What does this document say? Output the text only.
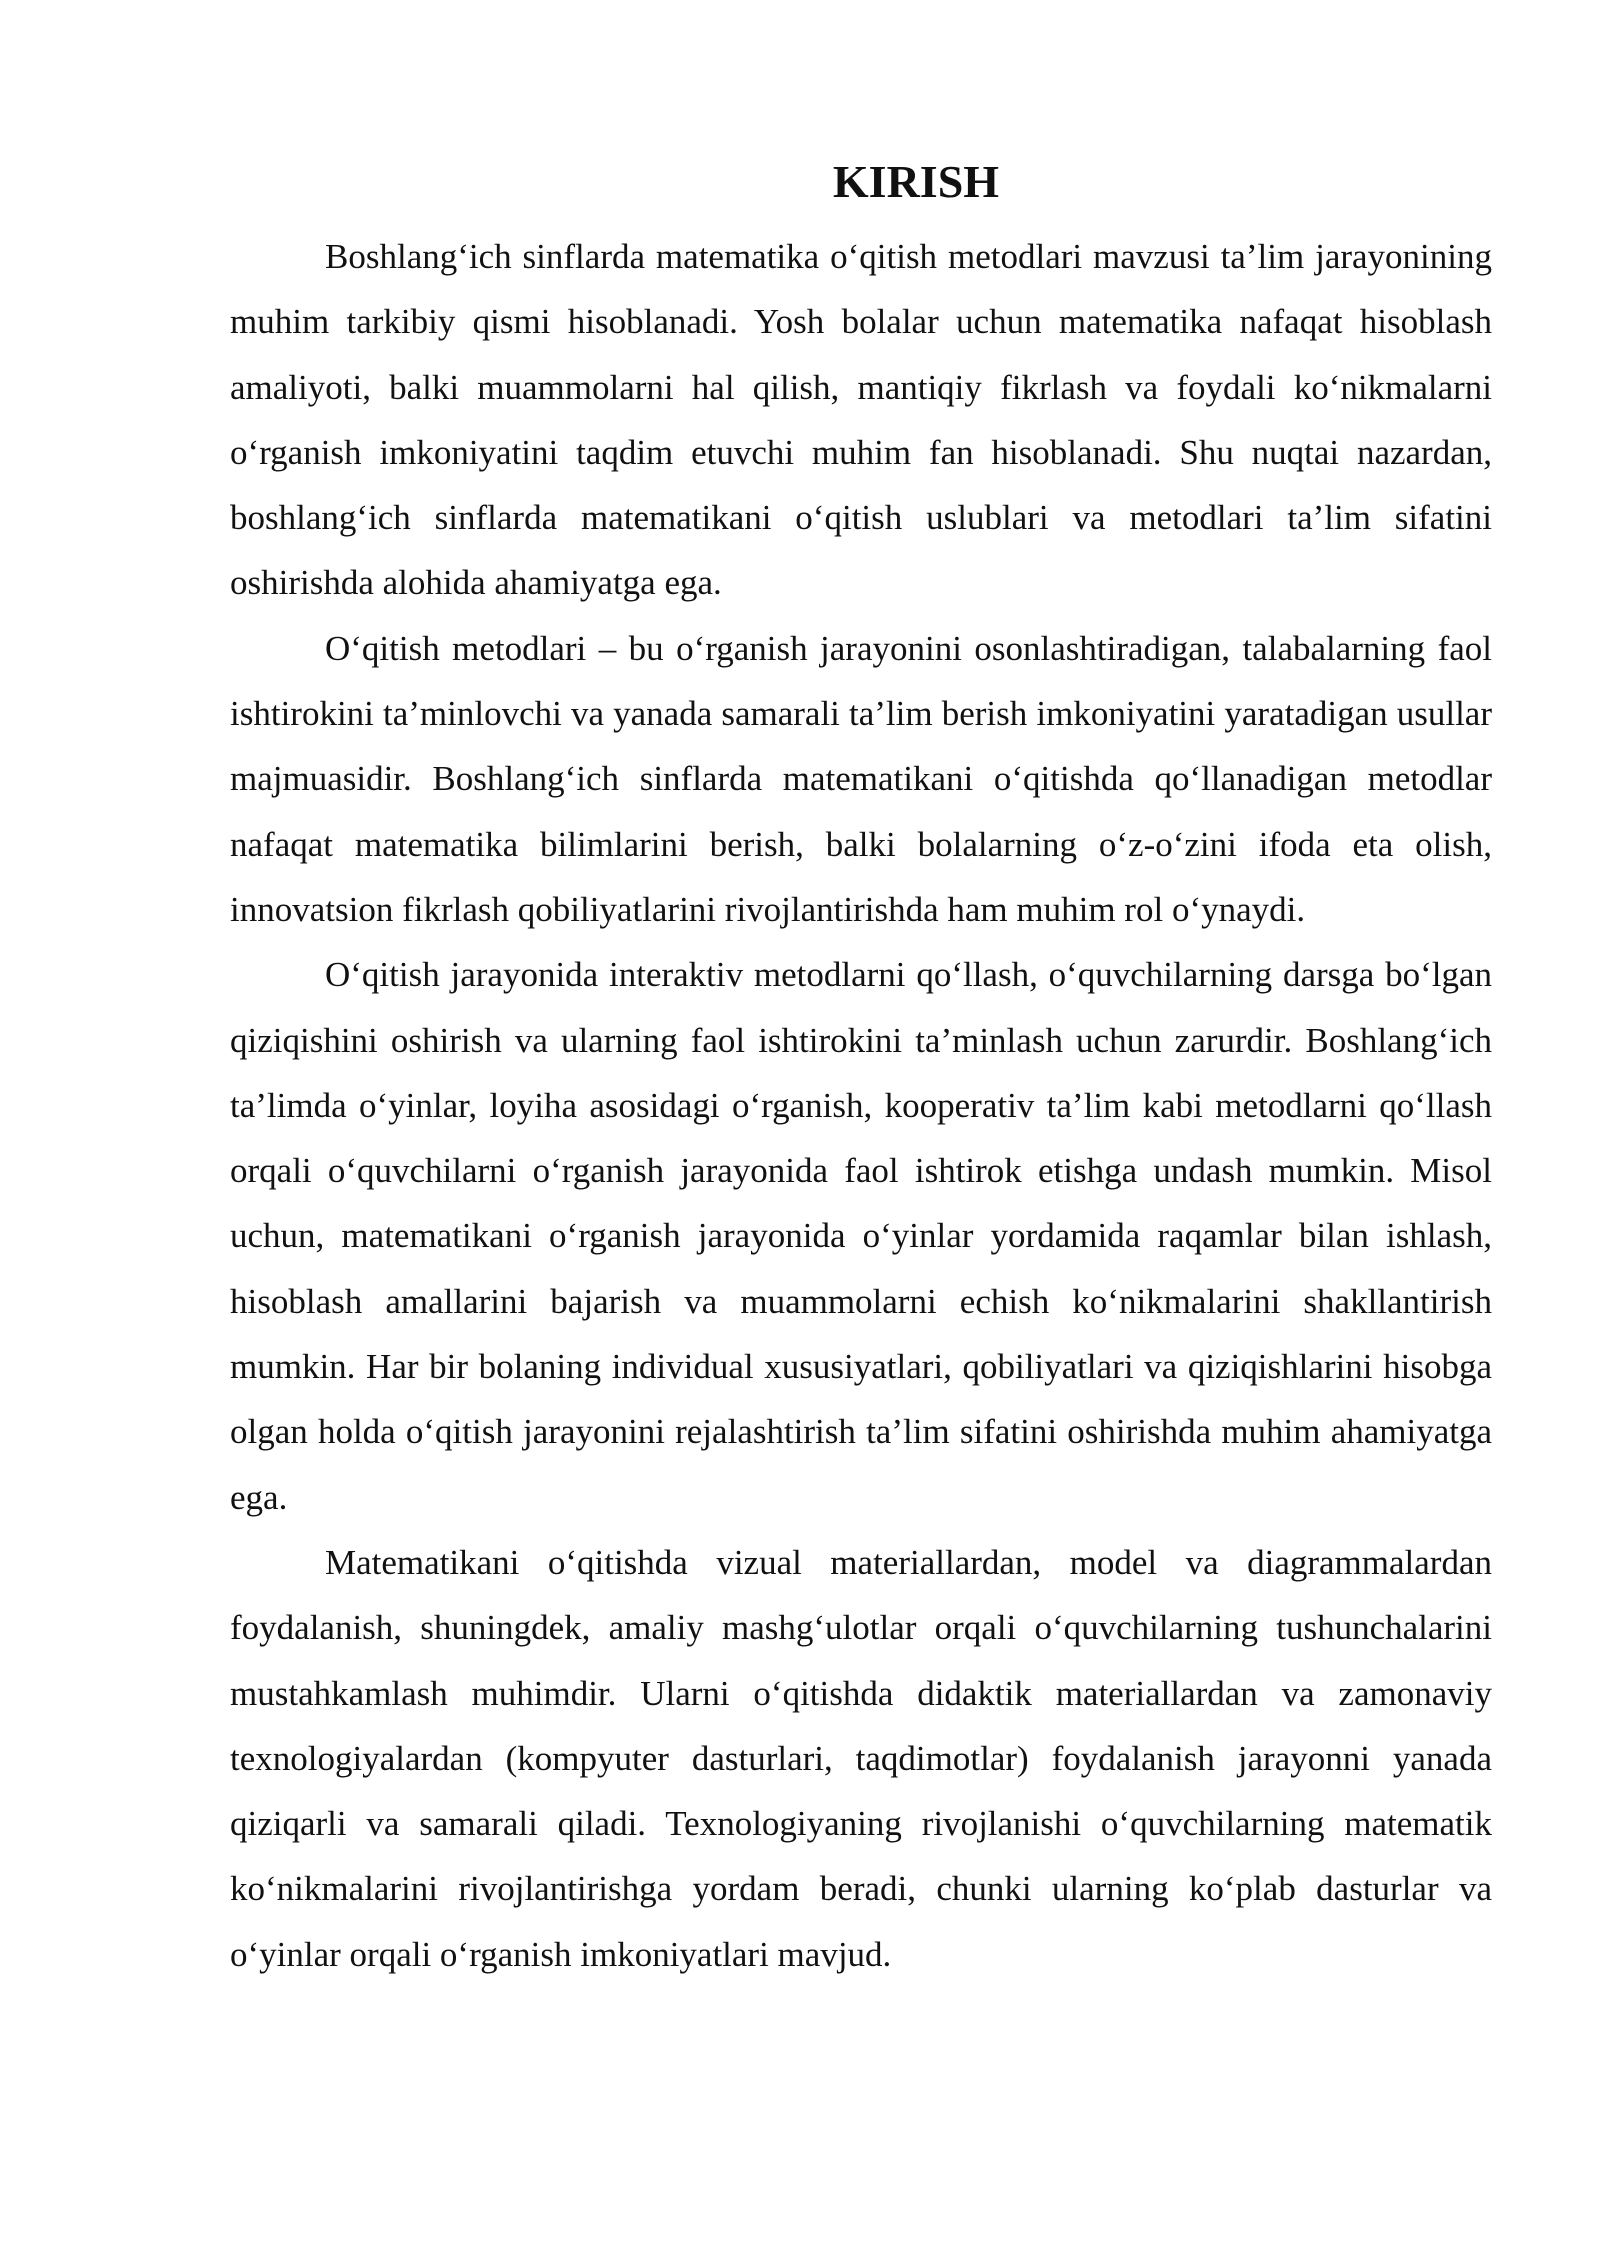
KIRISH

Boshlang‘ich sinflarda matematika o‘qitish metodlari mavzusi ta’lim jarayonining muhim tarkibiy qismi hisoblanadi. Yosh bolalar uchun matematika nafaqat hisoblash amaliyoti, balki muammolarni hal qilish, mantiqiy fikrlash va foydali ko‘nikmalarni o‘rganish imkoniyatini taqdim etuvchi muhim fan hisoblanadi. Shu nuqtai nazardan, boshlang‘ich sinflarda matematikani o‘qitish uslublari va metodlari ta’lim sifatini oshirishda alohida ahamiyatga ega.

O‘qitish metodlari – bu o‘rganish jarayonini osonlashtiradigan, talabalarning faol ishtirokini ta’minlovchi va yanada samarali ta’lim berish imkoniyatini yaratadigan usullar majmuasidir. Boshlang‘ich sinflarda matematikani o‘qitishda qo‘llanadigan metodlar nafaqat matematika bilimlarini berish, balki bolalarning o‘z-o‘zini ifoda eta olish, innovatsion fikrlash qobiliyatlarini rivojlantirishda ham muhim rol o‘ynaydi.

O‘qitish jarayonida interaktiv metodlarni qo‘llash, o‘quvchilarning darsga bo‘lgan qiziqishini oshirish va ularning faol ishtirokini ta’minlash uchun zarurdir. Boshlang‘ich ta’limda o‘yinlar, loyiha asosidagi o‘rganish, kooperativ ta’lim kabi metodlarni qo‘llash orqali o‘quvchilarni o‘rganish jarayonida faol ishtirok etishga undash mumkin. Misol uchun, matematikani o‘rganish jarayonida o‘yinlar yordamida raqamlar bilan ishlash, hisoblash amallarini bajarish va muammolarni echish ko‘nikmalarini shakllantirish mumkin. Har bir bolaning individual xususiyatlari, qobiliyatlari va qiziqishlarini hisobga olgan holda o‘qitish jarayonini rejalashtirish ta’lim sifatini oshirishda muhim ahamiyatga ega.

Matematikani o‘qitishda vizual materiallardan, model va diagrammalardan foydalanish, shuningdek, amaliy mashg‘ulotlar orqali o‘quvchilarning tushunchalarini mustahkamlash muhimdir. Ularni o‘qitishda didaktik materiallardan va zamonaviy texnologiyalardan (kompyuter dasturlari, taqdimotlar) foydalanish jarayonni yanada qiziqarli va samarali qiladi. Texnologiyaning rivojlanishi o‘quvchilarning matematik ko‘nikmalarini rivojlantirishga yordam beradi, chunki ularning ko‘plab dasturlar va o‘yinlar orqali o‘rganish imkoniyatlari mavjud.
